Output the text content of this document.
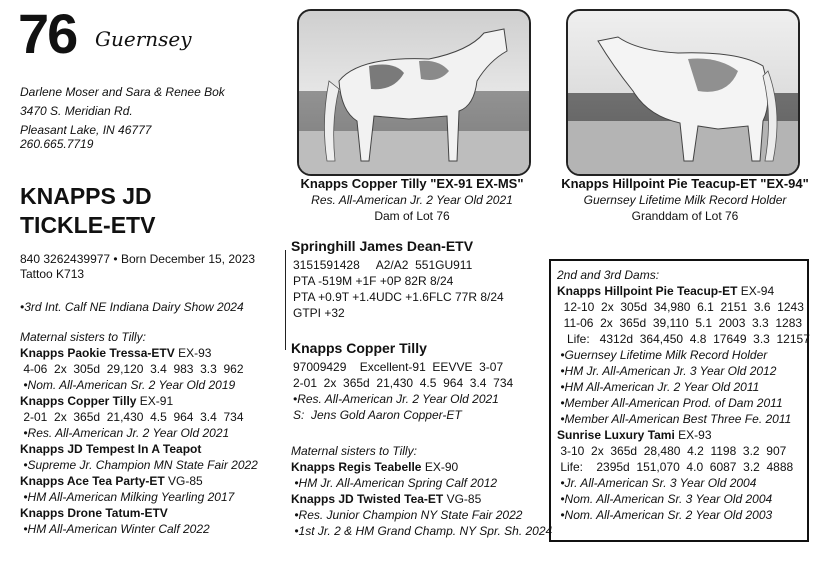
76 Guernsey
Darlene Moser and Sara & Renee Bok
3470 S. Meridian Rd.
Pleasant Lake, IN 46777
260.665.7719
KNAPPS JD
TICKLE-ETV
840 3262439977 • Born December 15, 2023
Tattoo K713
•3rd Int. Calf NE Indiana Dairy Show 2024
Maternal sisters to Tilly:
Knapps Paokie Tressa-ETV EX-93
4-06  2x  305d  29,120  3.4  983  3.3  962
•Nom. All-American Sr. 2 Year Old 2019
Knapps Copper Tilly EX-91
2-01  2x  365d  21,430  4.5  964  3.4  734
•Res. All-American Jr. 2 Year Old 2021
Knapps JD Tempest In A Teapot
•Supreme Jr. Champion MN State Fair 2022
Knapps Ace Tea Party-ET VG-85
•HM All-American Milking Yearling 2017
Knapps Drone Tatum-ETV
•HM All-American Winter Calf 2022
Knapps Copper Tilly "EX-91 EX-MS"
Res. All-American Jr. 2 Year Old 2021
Dam of Lot 76
Knapps Hillpoint Pie Teacup-ET "EX-94"
Guernsey Lifetime Milk Record Holder
Granddam of Lot 76
Springhill James Dean-ETV
3151591428     A2/A2  551GU911
PTA -519M +1F +0P 82R 8/24
PTA +0.9T +1.4UDC +1.6FLC 77R 8/24
GTPI +32
Knapps Copper Tilly
97009429    Excellent-91  EEVVE  3-07
2-01  2x  365d  21,430  4.5  964  3.4  734
•Res. All-American Jr. 2 Year Old 2021
S:  Jens Gold Aaron Copper-ET
Maternal sisters to Tilly:
Knapps Regis Teabelle EX-90
•HM Jr. All-American Spring Calf 2012
Knapps JD Twisted Tea-ET VG-85
•Res. Junior Champion NY State Fair 2022
•1st Jr. 2 & HM Grand Champ. NY Spr. Sh. 2024
2nd and 3rd Dams:
Knapps Hillpoint Pie Teacup-ET EX-94
12-10  2x  305d  34,980  6.1  2151  3.6  1243
11-06  2x  365d  39,110  5.1  2003  3.3  1283
Life:   4312d  364,450  4.8  17649  3.3  12157
•Guernsey Lifetime Milk Record Holder
•HM Jr. All-American Jr. 3 Year Old 2012
•HM All-American Jr. 2 Year Old 2011
•Member All-American Prod. of Dam 2011
•Member All-American Best Three Fe. 2011
Sunrise Luxury Tami EX-93
3-10  2x  365d  28,480  4.2  1198  3.2  907
Life:    2395d  151,070  4.0  6087  3.2  4888
•Jr. All-American Sr. 3 Year Old 2004
•Nom. All-American Sr. 3 Year Old 2004
•Nom. All-American Sr. 2 Year Old 2003
